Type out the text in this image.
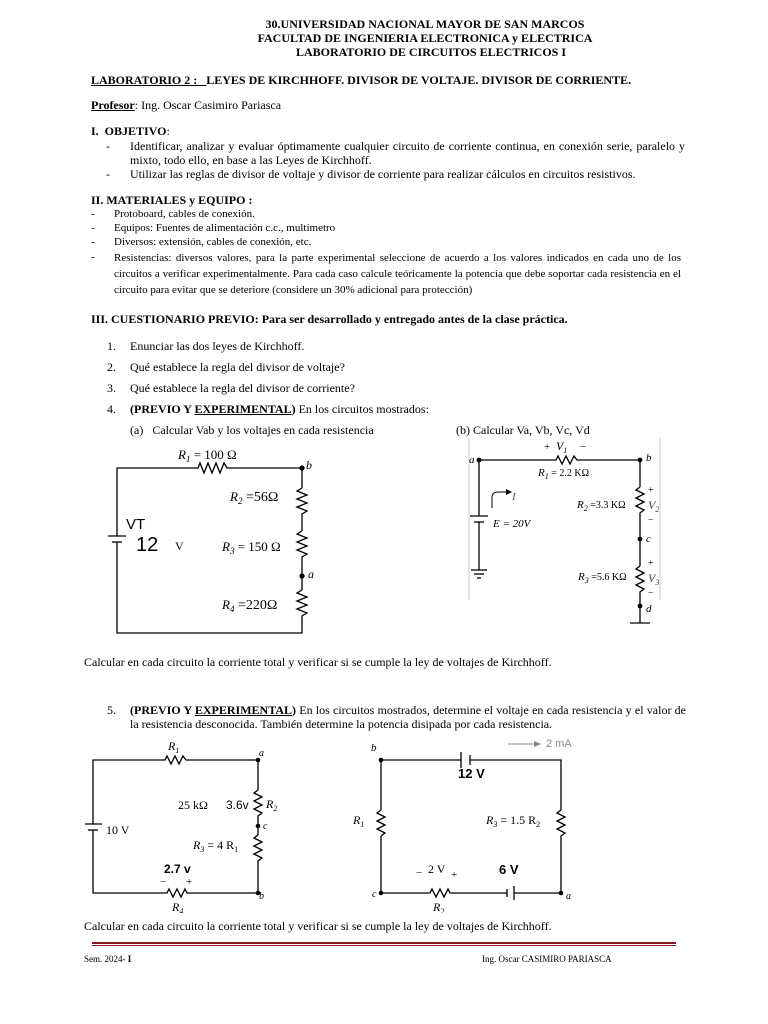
30.UNIVERSIDAD NACIONAL MAYOR DE SAN MARCOS
FACULTAD DE INGENIERIA ELECTRONICA y ELECTRICA
LABORATORIO DE CIRCUITOS ELECTRICOS I
LABORATORIO 2 :   LEYES DE KIRCHHOFF. DIVISOR DE VOLTAJE. DIVISOR DE CORRIENTE.
Profesor: Ing. Oscar Casimiro Pariasca
I. OBJETIVO:
- Identificar, analizar y evaluar óptimamente cualquier circuito de corriente continua, en conexión serie, paralelo y mixto, todo ello, en base a las Leyes de Kirchhoff.
- Utilizar las reglas de divisor de voltaje y divisor de corriente para realizar cálculos en circuitos resistivos.
II. MATERIALES y EQUIPO :
- Protoboard, cables de conexión.
- Equipos: Fuentes de alimentación c.c., multímetro
- Diversos: extensión, cables de conexión, etc.
- Resistencias: diversos valores, para la parte experimental seleccione de acuerdo a los valores indicados en cada uno de los circuitos a verificar experimentalmente. Para cada caso calcule teóricamente la potencia que debe soportar cada resistencia en el circuito para evitar que se deteriore (considere un 30% adicional para protección)
III. CUESTIONARIO PREVIO: Para ser desarrollado y entregado antes de la clase práctica.
1. Enunciar las dos leyes de Kirchhoff.
2. Qué establece la regla del divisor de voltaje?
3. Qué establece la regla del divisor de corriente?
4. (PREVIO Y EXPERIMENTAL) En los circuitos mostrados:
(a)   Calcular Vab y los voltajes en cada resistencia	(b) Calcular Va, Vb, Vc, Vd
$R_1 = 100$ Ω
b
$R_2 =56\Omega$
$R_3 = 150$ Ω
a
$R_4 =220\Omega$
VT
12 V
a	b
+ $V_1$ −
$R_1 = 2.2$ KΩ
+
$R_2 =3.3$ KΩ $V_2$
−
c
+
$R_3 =5.6$ KΩ $V_3$
−
d
I
E = 20V
Calcular en cada circuito la corriente total y verificar si se cumple la ley de voltajes de Kirchhoff.
5. (PREVIO Y EXPERIMENTAL) En los circuitos mostrados, determine el voltaje en cada resistencia y el valor de la resistencia desconocida. También determine la potencia disipada por cada resistencia.
$R_1$	a
25 kΩ 3.6v $R_2$
c
$R_3 = 4$ $R_1$
10 V
2.7 v
− +
b
$R_4$
b	2 mA
12 V
$R_1$	$R_3 = 1.5$ $R_2$
− 2 V +	6 V
c	a
$R_2$
Calcular en cada circuito la corriente total y verificar si se cumple la ley de voltajes de Kirchhoff.
Sem. 2024- I	Ing. Oscar CASIMIRO PARIASCA
